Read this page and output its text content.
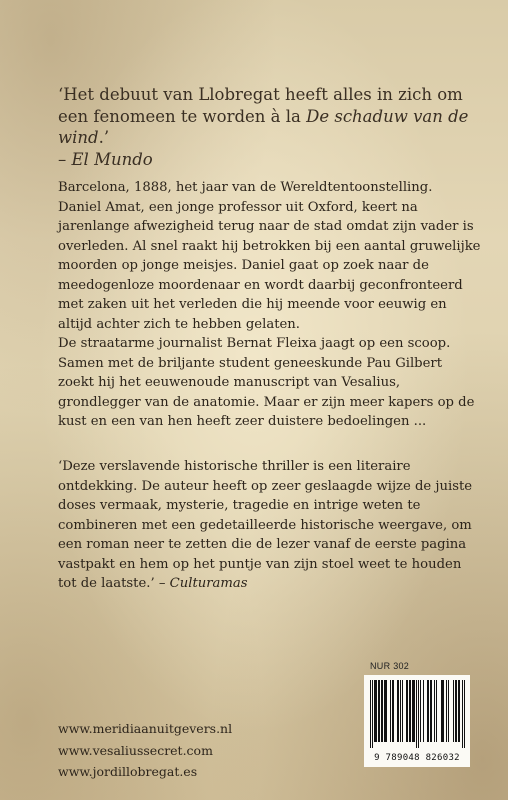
‘Het debuut van Llobregat heeft alles in zich om een fenomeen te worden à la De schaduw van de wind.’
– El Mundo

Barcelona, 1888, het jaar van de Wereldtentoonstelling.

Daniel Amat, een jonge professor uit Oxford, keert na jarenlange afwezigheid terug naar de stad omdat zijn vader is overleden. Al snel raakt hij betrokken bij een aantal gruwelijke moorden op jonge meisjes. Daniel gaat op zoek naar de meedogenloze moordenaar en wordt daarbij geconfronteerd met zaken uit het verleden die hij meende voor eeuwig en altijd achter zich te hebben gelaten.

De straatarme journalist Bernat Fleixa jaagt op een scoop. Samen met de briljante student geneeskunde Pau Gilbert zoekt hij het eeuwenoude manuscript van Vesalius, grondlegger van de anatomie. Maar er zijn meer kapers op de kust en een van hen heeft zeer duistere bedoelingen ...

‘Deze verslavende historische thriller is een literaire ontdekking. De auteur heeft op zeer geslaagde wijze de juiste doses vermaak, mysterie, tragedie en intrige weten te combineren met een gedetailleerde historische weergave, om een roman neer te zetten die de lezer vanaf de eerste pagina vastpakt en hem op het puntje van zijn stoel weet te houden tot de laatste.’ – Culturamas
NUR 302
www.meridiaanuitgevers.nl
www.vesaliussecret.com
www.jordillobregat.es
9 789048 826032
